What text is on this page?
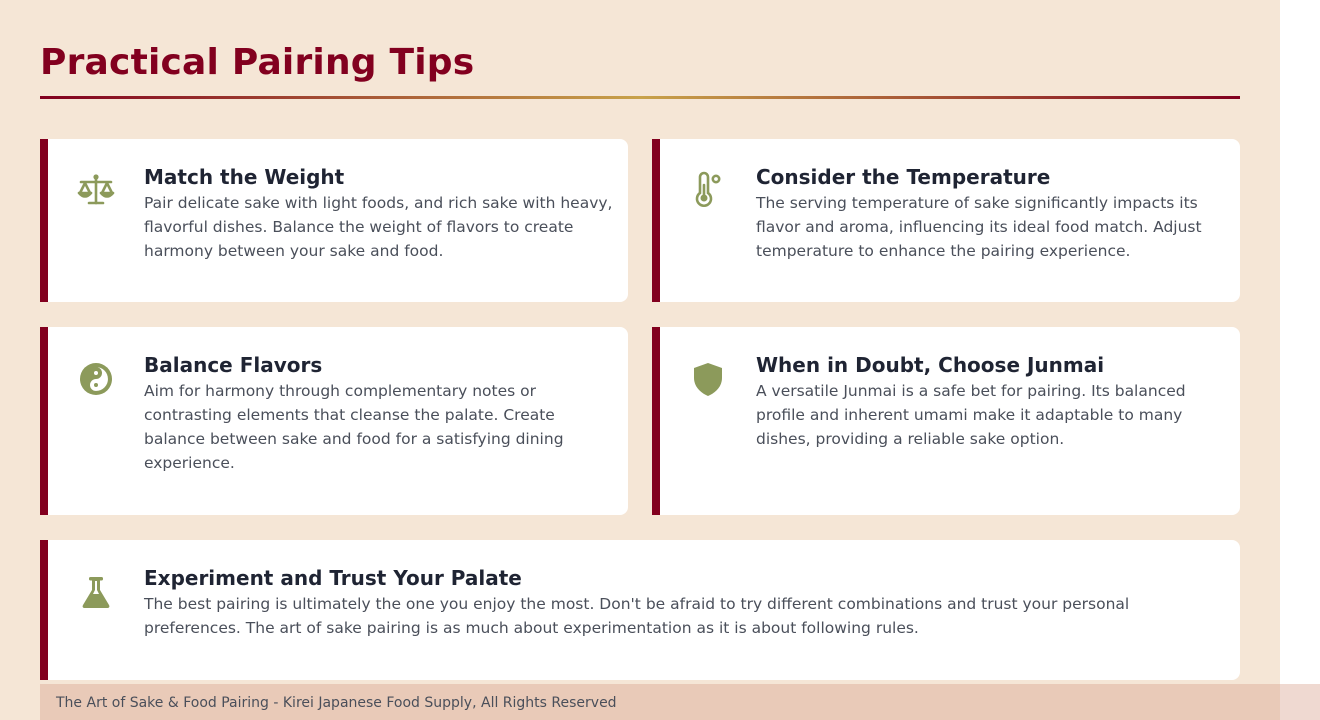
Practical Pairing Tips
Match the Weight
Pair delicate sake with light foods, and rich sake with heavy, flavorful dishes. Balance the weight of flavors to create harmony between your sake and food.
Consider the Temperature
The serving temperature of sake significantly impacts its flavor and aroma, influencing its ideal food match. Adjust temperature to enhance the pairing experience.
Balance Flavors
Aim for harmony through complementary notes or contrasting elements that cleanse the palate. Create balance between sake and food for a satisfying dining experience.
When in Doubt, Choose Junmai
A versatile Junmai is a safe bet for pairing. Its balanced profile and inherent umami make it adaptable to many dishes, providing a reliable sake option.
Experiment and Trust Your Palate
The best pairing is ultimately the one you enjoy the most. Don't be afraid to try different combinations and trust your personal preferences. The art of sake pairing is as much about experimentation as it is about following rules.
The Art of Sake & Food Pairing - Kirei Japanese Food Supply, All Rights Reserved
